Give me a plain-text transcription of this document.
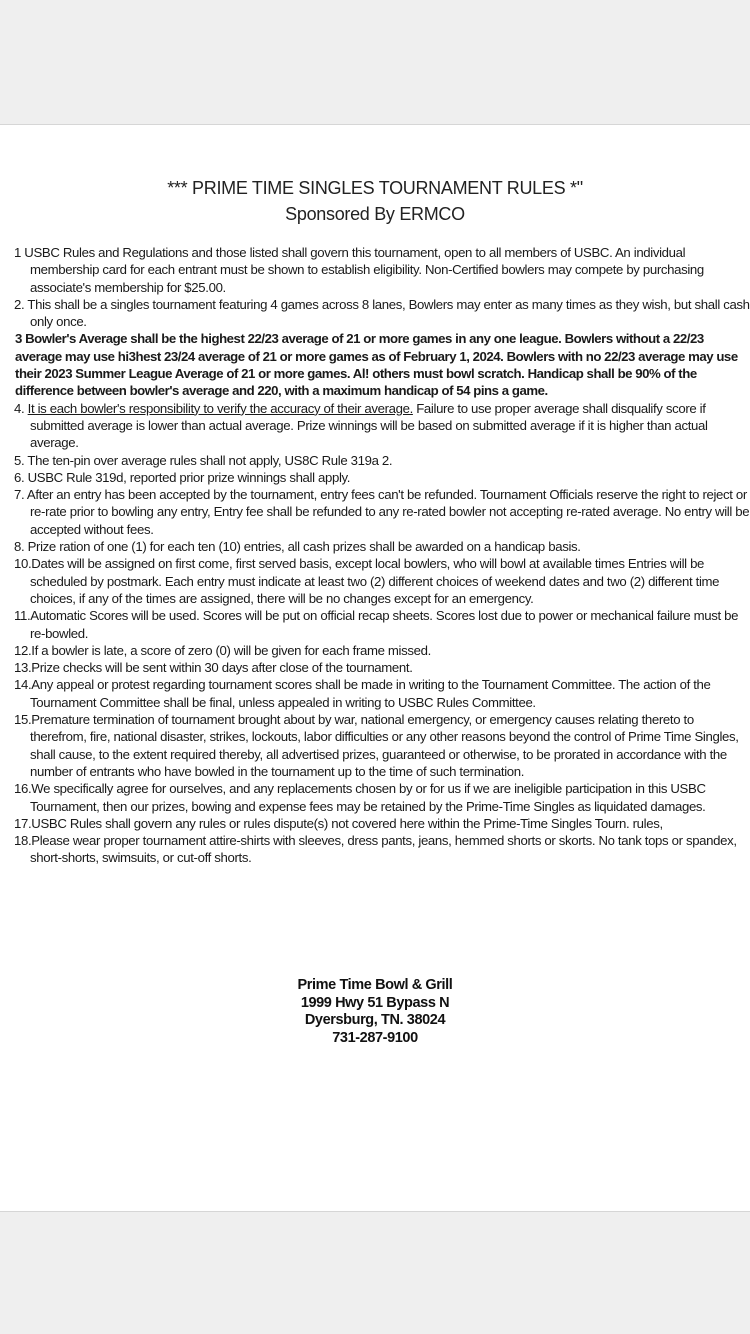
*** PRIME TIME SINGLES TOURNAMENT RULES *"
Sponsored By ERMCO
1 USBC Rules and Regulations and those listed shall govern this tournament, open to all members of USBC. An individual membership card for each entrant must be shown to establish eligibility. Non-Certified bowlers may compete by purchasing associate's membership for $25.00.
2. This shall be a singles tournament featuring 4 games across 8 lanes, Bowlers may enter as many times as they wish, but shall cash only once.
3 Bowler's Average shall be the highest 22/23 average of 21 or more games in any one league. Bowlers without a 22/23 average may use hi3hest 23/24 average of 21 or more games as of February 1, 2024. Bowlers with no 22/23 average may use their 2023 Summer League Average of 21 or more games. Al! others must bowl scratch. Handicap shall be 90% of the difference between bowler's average and 220, with a maximum handicap of 54 pins a game.
4. It is each bowler's responsibility to verify the accuracy of their average. Failure to use proper average shall disqualify score if submitted average is lower than actual average. Prize winnings will be based on submitted average if it is higher than actual average.
5. The ten-pin over average rules shall not apply, US8C Rule 319a 2.
6. USBC Rule 319d, reported prior prize winnings shall apply.
7. After an entry has been accepted by the tournament, entry fees can't be refunded. Tournament Officials reserve the right to reject or re-rate prior to bowling any entry, Entry fee shall be refunded to any re-rated bowler not accepting re-rated average. No entry will be accepted without fees.
8. Prize ration of one (1) for each ten (10) entries, all cash prizes shall be awarded on a handicap basis.
10.Dates will be assigned on first come, first served basis, except local bowlers, who will bowl at available times Entries will be scheduled by postmark. Each entry must indicate at least two (2) different choices of weekend dates and two (2) different time choices, if any of the times are assigned, there will be no changes except for an emergency.
11.Automatic Scores will be used. Scores will be put on official recap sheets. Scores lost due to power or mechanical failure must be re-bowled.
12.If a bowler is late, a score of zero (0) will be given for each frame missed.
13.Prize checks will be sent within 30 days after close of the tournament.
14.Any appeal or protest regarding tournament scores shall be made in writing to the Tournament Committee. The action of the Tournament Committee shall be final, unless appealed in writing to USBC Rules Committee.
15.Premature termination of tournament brought about by war, national emergency, or emergency causes relating thereto to therefrom, fire, national disaster, strikes, lockouts, labor difficulties or any other reasons beyond the control of Prime Time Singles, shall cause, to the extent required thereby, all advertised prizes, guaranteed or otherwise, to be prorated in accordance with the number of entrants who have bowled in the tournament up to the time of such termination.
16.We specifically agree for ourselves, and any replacements chosen by or for us if we are ineligible participation in this USBC Tournament, then our prizes, bowing and expense fees may be retained by the Prime-Time Singles as liquidated damages.
17.USBC Rules shall govern any rules or rules dispute(s) not covered here within the Prime-Time Singles Tourn. rules,
18.Please wear proper tournament attire-shirts with sleeves, dress pants, jeans, hemmed shorts or skorts. No tank tops or spandex, short-shorts, swimsuits, or cut-off shorts.
Prime Time Bowl & Grill
1999 Hwy 51 Bypass N
Dyersburg, TN. 38024
731-287-9100
